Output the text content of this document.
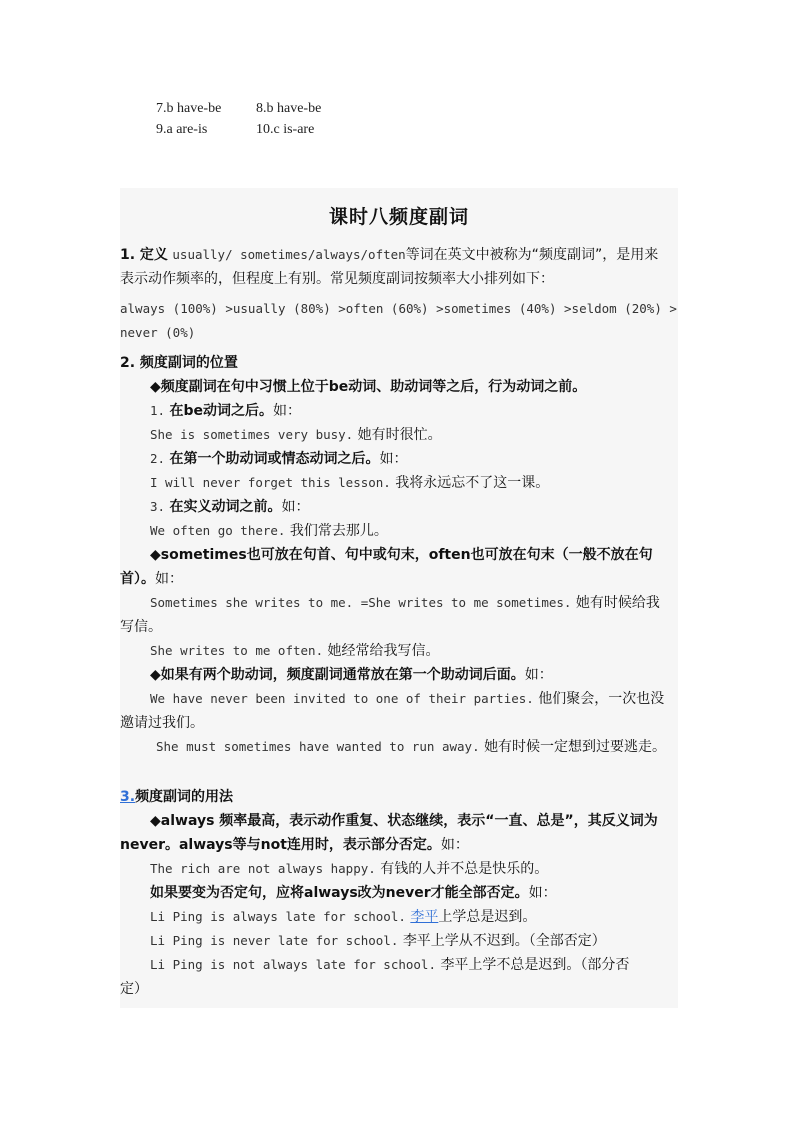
7.b have-be	8.b have-be
9.a are-is	10.c is-are
课时八频度副词

1. 定义 usually/ sometimes/always/often等词在英文中被称为“频度副词”，是用来

表示动作频率的，但程度上有别。常见频度副词按频率大小排列如下：

always (100%) >usually (80%) >often (60%) >sometimes (40%) >seldom (20%) >

never (0%)

2. 频度副词的位置

◆频度副词在句中习惯上位于be动词、助动词等之后，行为动词之前。

1. 在be动词之后。如：

She is sometimes very busy. 她有时很忙。

2. 在第一个助动词或情态动词之后。如：

I will never forget this lesson. 我将永远忘不了这一课。

3. 在实义动词之前。如：

We often go there. 我们常去那儿。

◆sometimes也可放在句首、句中或句末，often也可放在句末（一般不放在句

首）。如：

Sometimes she writes to me. =She writes to me sometimes. 她有时候给我

写信。

She writes to me often. 她经常给我写信。

◆如果有两个助动词，频度副词通常放在第一个助动词后面。如：

We have never been invited to one of their parties. 他们聚会，一次也没

邀请过我们。

She must sometimes have wanted to run away. 她有时候一定想到过要逃走。

3.频度副词的用法

◆always 频率最高，表示动作重复、状态继续，表示“一直、总是”，其反义词为

never。always等与not连用时，表示部分否定。如：

The rich are not always happy. 有钱的人并不总是快乐的。

如果要变为否定句，应将always改为never才能全部否定。如：

Li Ping is always late for school. 李平上学总是迟到。

Li Ping is never late for school. 李平上学从不迟到。（全部否定）

Li Ping is not always late for school. 李平上学不总是迟到。（部分否

定）
